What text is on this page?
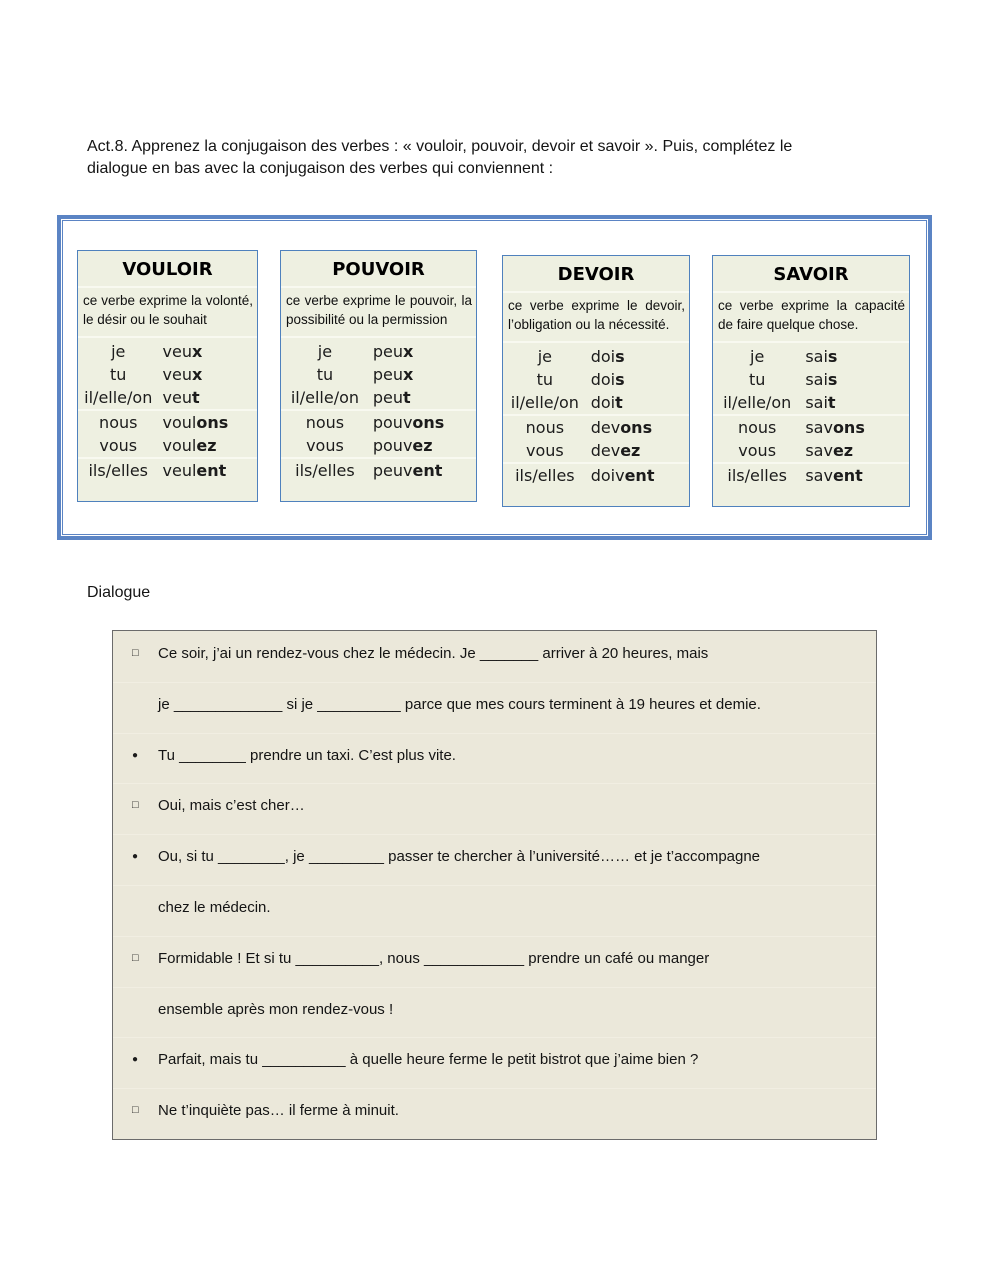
Act.8. Apprenez la conjugaison des verbes : « vouloir, pouvoir, devoir et savoir ». Puis, complétez le dialogue en bas avec la conjugaison des verbes qui conviennent :

VOULOIR
ce verbe exprime la volonté, le désir ou le souhait
je	veux
tu	veux
il/elle/on veut
nous	voulons
vous	voulez
ils/elles veulent
POUVOIR
ce verbe exprime le pouvoir, la possibilité ou la permission
je	peux
tu	peux
il/elle/on peut
nous	pouvons
vous	pouvez
ils/elles	peuvent
DEVOIR
ce verbe exprime le devoir, l’obligation ou la nécessité.
je	dois
tu	dois
il/elle/on doit
nous	devons
vous	devez
ils/elles	doivent
SAVOIR
ce verbe exprime la capacité de faire quelque chose.
je	sais
tu	sais
il/elle/on sait
nous	savons
vous	savez
ils/elles	savent

Dialogue

□	Ce soir, j’ai un rendez-vous chez le médecin. Je _______ arriver à 20 heures, mais
je _____________ si je __________ parce que mes cours terminent à 19 heures et demie.
●	Tu ________ prendre un taxi. C’est plus vite.
□	Oui, mais c’est cher…
●	Ou, si tu ________, je _________ passer te chercher à l’université…… et je t’accompagne
chez le médecin.
□	Formidable ! Et si tu __________, nous ____________ prendre un café ou manger
ensemble après mon rendez-vous !
●	Parfait, mais tu __________ à quelle heure ferme le petit bistrot que j’aime bien ?
□	Ne t’inquiète pas… il ferme à minuit.
